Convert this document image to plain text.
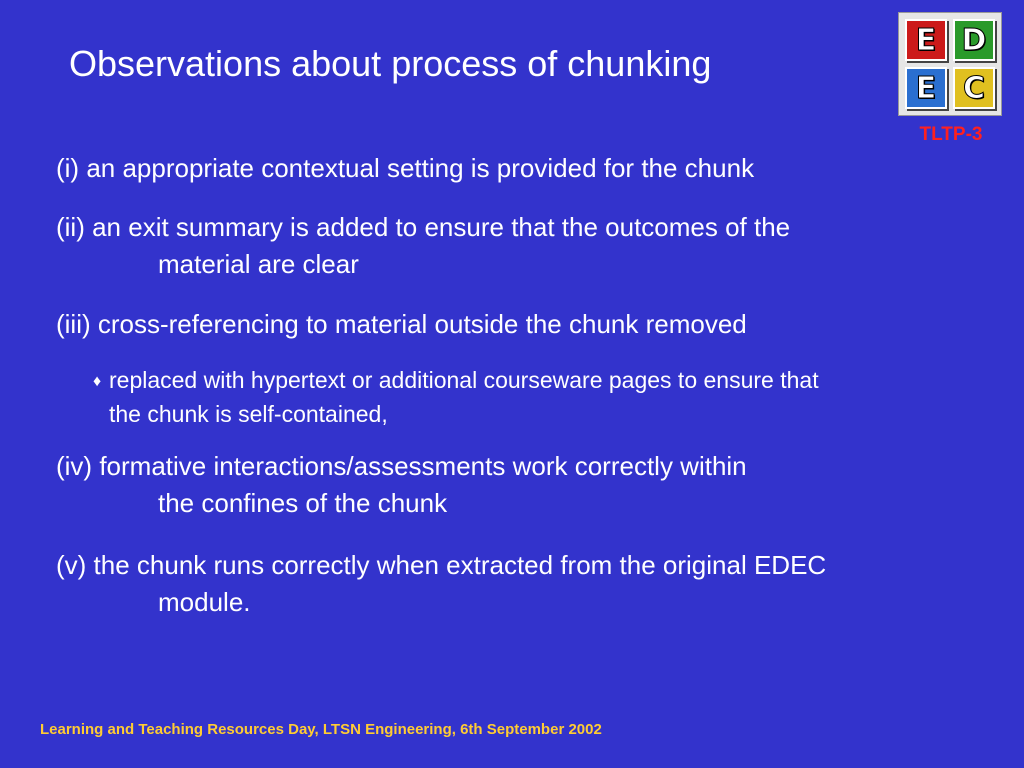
Observations about process of chunking
E D
E C
TLTP-3
(i) an appropriate contextual setting is provided for the chunk
(ii) an exit summary is added to ensure that the outcomes of the
material are clear
(iii) cross-referencing to material outside the chunk removed
♦ replaced with hypertext or additional courseware pages to ensure that
the chunk is self-contained,
(iv) formative interactions/assessments work correctly within
the confines of the chunk
(v) the chunk runs correctly when extracted from the original EDEC
module.
Learning and Teaching Resources Day, LTSN Engineering, 6th September 2002
